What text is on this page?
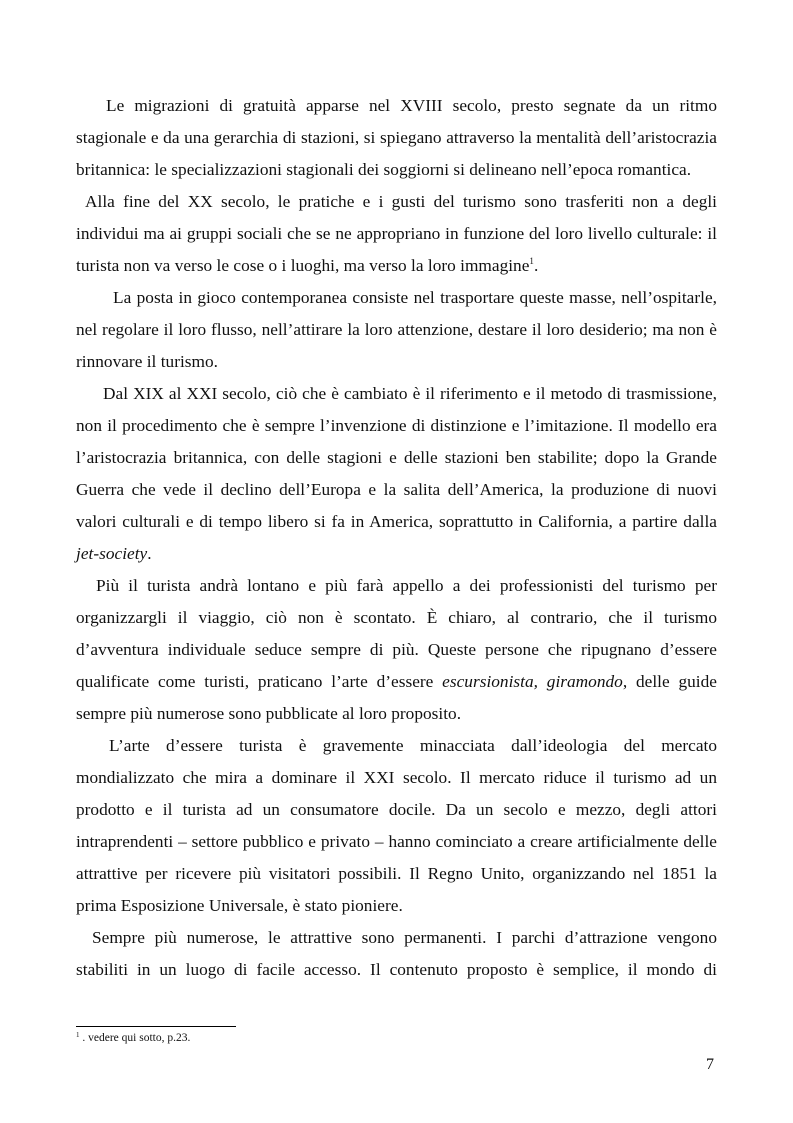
Le migrazioni di gratuità apparse nel XVIII secolo, presto segnate da un ritmo stagionale e da una gerarchia di stazioni, si spiegano attraverso la mentalità dell’aristocrazia britannica: le specializzazioni stagionali dei soggiorni si delineano nell’epoca romantica.

Alla fine del XX secolo, le pratiche e i gusti del turismo sono trasferiti non a degli individui ma ai gruppi sociali che se ne appropriano in funzione del loro livello culturale: il turista non va verso le cose o i luoghi, ma verso la loro immagine$^1$.

La posta in gioco contemporanea consiste nel trasportare queste masse, nell’ospitarle, nel regolare il loro flusso, nell’attirare la loro attenzione, destare il loro desiderio; ma non è rinnovare il turismo.

Dal XIX al XXI secolo, ciò che è cambiato è il riferimento e il metodo di trasmissione, non il procedimento che è sempre l’invenzione di distinzione e l’imitazione. Il modello era l’aristocrazia britannica, con delle stagioni e delle stazioni ben stabilite; dopo la Grande Guerra che vede il declino dell’Europa e la salita dell’America, la produzione di nuovi valori culturali e di tempo libero si fa in America, soprattutto in California, a partire dalla jet-society.

Più il turista andrà lontano e più farà appello a dei professionisti del turismo per organizzargli il viaggio, ciò non è scontato. È chiaro, al contrario, che il turismo d’avventura individuale seduce sempre di più. Queste persone che ripugnano d’essere qualificate come turisti, praticano l’arte d’essere escursionista, giramondo, delle guide sempre più numerose sono pubblicate al loro proposito.

L’arte d’essere turista è gravemente minacciata dall’ideologia del mercato mondializzato che mira a dominare il XXI secolo. Il mercato riduce il turismo ad un prodotto e il turista ad un consumatore docile. Da un secolo e mezzo, degli attori intraprendenti – settore pubblico e privato – hanno cominciato a creare artificialmente delle attrattive per ricevere più visitatori possibili. Il Regno Unito, organizzando nel 1851 la prima Esposizione Universale, è stato pioniere.

Sempre più numerose, le attrattive sono permanenti. I parchi d’attrazione vengono stabiliti in un luogo di facile accesso. Il contenuto proposto è semplice, il mondo di

$^1$ . vedere qui sotto, p.23.
7
